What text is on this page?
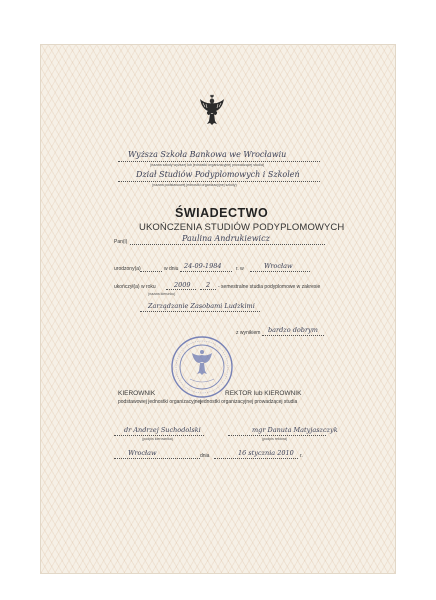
Wyższa Szkoła Bankowa we Wrocławiu
(nazwa szkoły wyższej lub jednostki organizacyjnej prowadzącej studia)
Dział Studiów Podyplomowych i Szkoleń
(nazwa podstawowej jednostki organizacyjnej szkoły)
ŚWIADECTWO
UKOŃCZENIA STUDIÓW PODYPLOMOWYCH
Pan(i)	Paulina Andrukiewicz
urodzony(a)	w dniu 24-09-1984	r. w	Wrocław
ukończył(a) w roku	2009 2 - semestralne studia podyplomowe w zakresie
(nazwa kierunku)
Zarządzanie Zasobami Ludzkimi
z wynikiem bardzo dobrym
KIEROWNIK
podstawowej jednostki organizacyjnej
REKTOR lub KIEROWNIK
jednostki organizacyjnej prowadzącej studia
dr Andrzej Suchodolski
(podpis kierownika)
mgr Danuta Matyjaszczyk
(podpis rektora)
Wrocław	dnia	16 stycznia 2010 r.
